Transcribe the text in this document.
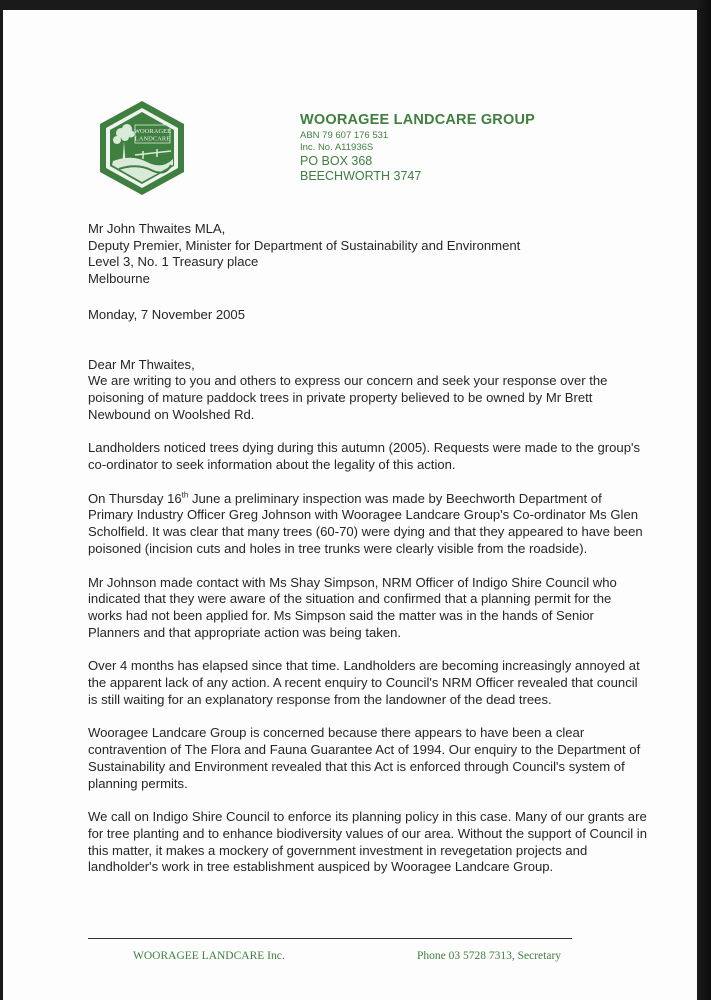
WOORAGEE
LANDCARE
WOORAGEE LANDCARE GROUP
ABN 79 607 176 531
Inc. No. A11936S
PO BOX 368
BEECHWORTH 3747

Mr John Thwaites MLA,
Deputy Premier, Minister for Department of Sustainability and Environment
Level 3, No. 1 Treasury place
Melbourne

Monday, 7 November 2005

Dear Mr Thwaites,

We are writing to you and others to express our concern and seek your response over the poisoning of mature paddock trees in private property believed to be owned by Mr Brett Newbound on Woolshed Rd.

Landholders noticed trees dying during this autumn (2005). Requests were made to the group's co-ordinator to seek information about the legality of this action.

On Thursday 16th June a preliminary inspection was made by Beechworth Department of Primary Industry Officer Greg Johnson with Wooragee Landcare Group's Co-ordinator Ms Glen Scholfield. It was clear that many trees (60-70) were dying and that they appeared to have been poisoned (incision cuts and holes in tree trunks were clearly visible from the roadside).

Mr Johnson made contact with Ms Shay Simpson, NRM Officer of Indigo Shire Council who indicated that they were aware of the situation and confirmed that a planning permit for the works had not been applied for. Ms Simpson said the matter was in the hands of Senior Planners and that appropriate action was being taken.

Over 4 months has elapsed since that time. Landholders are becoming increasingly annoyed at the apparent lack of any action. A recent enquiry to Council's NRM Officer revealed that council is still waiting for an explanatory response from the landowner of the dead trees.

Wooragee Landcare Group is concerned because there appears to have been a clear contravention of The Flora and Fauna Guarantee Act of 1994. Our enquiry to the Department of Sustainability and Environment revealed that this Act is enforced through Council's system of planning permits.

We call on Indigo Shire Council to enforce its planning policy in this case. Many of our grants are for tree planting and to enhance biodiversity values of our area. Without the support of Council in this matter, it makes a mockery of government investment in revegetation projects and landholder's work in tree establishment auspiced by Wooragee Landcare Group.

WOORAGEE LANDCARE Inc.	Phone 03 5728 7313, Secretary
